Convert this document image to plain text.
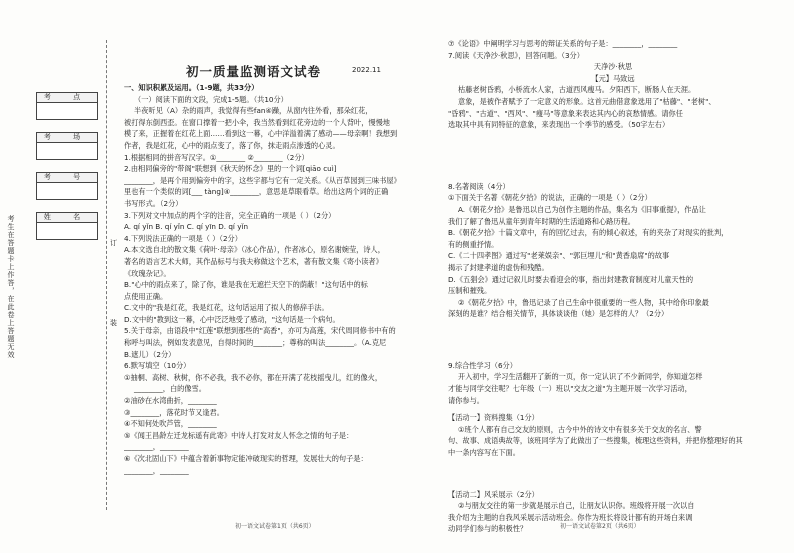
考 点
考 场
考 号
姓 名
考生在答题卡上作答，在此卷上答题无效	订
装
初一质量监测语文试卷	2022.11

一、知识积累及运用。（1-9题，共33分）

（一）阅读下面的文段，完成1-5题。（共10分）

半夜听见（A）杂的雨声，我觉得有些fan④躁，从窗内往外看，那朵红花，

被打得东倒西歪。在窗口撑着一把小伞，我当然看到红花旁边的一个人背叶，慢慢地

模了来，正握着在红花上面……看到这一幕，心中洋溢着满了感动——母亲啊！我想到

作者，我是红花，心中的雨点变了，落了你，抹走雨点渗透的心灵。

1.根据相同的拼音写汉字。①________ ②________（2分）

2.由相同偏旁的"带阁"联想到《秋天的怀念》里的一个词[qiāo cuì]

________，是再个用到偏旁中的字，这些字都与它有一定关系。《从百草园到三味书屋》

里也有一个类似的词[___ tàng]④________，意思是草眼看草。给出这两个词的正确

书写形式。（2分）

3.下列对文中加点的两个字的注音，完全正确的一项是（ ）（2分）

A. qí yǐn B. qí yǐn C. qí yīn D. qí yǐn

4.下列说法正确的一项是（ ）（2分）

A.本文选自北的散文集《荷叶·母亲》（冰心作品），作者冰心，原名谢婉莹，诗人，

著名的语言艺术大师，其作品标号与我夫称做这个艺术，著有散文集《寄小读者》

《玫瑰杂记》。

B."心中的雨点来了，除了你，谁是我在无遮拦天空下的荫蔽！"这句话中的标

点使用正确。

C.文中的"我是红花，我是红花，这句话运用了拟人的修辞手法。

D.文中的"教到这一幕，心中泛泛地受了感动，"这句话是一个病句。

5.关于母亲，由语段中"红莲"联想到那些的"高香"，亦可为高莲，宋代周同修书中有的

称呼与叫法，例如发表意见，自得时间的________；尊称的叫法________。（A.克尼

B.遮儿）（2分）

6.默写填空（10分）

①抽桐、高树、秋树，你不必我，我不必你，都在开满了花枝摇曳儿，红的像火，

________，白的像雪。

②油砂在水湾曲折，________

③________，落花时节又逢君。

④不知何处吹芦管，________

⑤《闻王昌龄左迁龙标遥有此寄》中诗人打发对友人怀念之情的句子是：

________，________

⑥《次北固山下》中蕴含着新事物定能冲破现实的哲理，发展壮大的句子是：

________，________

⑦《论语》中阐明学习与思考的辩证关系的句子是：________，________

7.阅读《天净沙·秋思》，回答问题。（3分）

天净沙·秋思

【元】马致远

枯藤老树昏鸦，小桥流水人家，古道西风瘦马。夕阳西下，断肠人在天涯。

意象，是被作者赋予了一定意义的形象。这首元曲借意象选用了"枯藤"、"老树"、

"昏鸦"、"古道"、"西风"、"瘦马"等意象来表达其内心的哀愁情感。请你任

选取其中具有同特征的意象，来表现出一个季节的感受。（50字左右）

8.名著阅读（4分）

①下面关于名著《朝花夕拾》的说法，正确的一项是（ ）（2分）

A.《朝花夕拾》是鲁迅以自己为创作主题的作品，集名为《旧事重提》，作品让

我们了解了鲁迅从童年到青年时期的生活道路和心路历程。

B.《朝花夕拾》十篇文章中，有的回忆过去，有的倾心叙述，有的夹杂了对现实的批判，

有的侧重抒情。

C.《二十四孝图》通过写"老莱娱亲"、"郭巨埋儿"和"黄香扇席"的故事

揭示了封建孝道的虚伪和残酷。

D.《五猖会》通过记叙儿时要去看迎会的事，指出封建教育制度对儿童天性的

压制和摧残。

②《朝花夕拾》中，鲁迅记录了自己生命中很重要的一些人物，其中给你印象最

深刻的是谁？结合相关情节，具体谈谈他（她）是怎样的人？（2分）

9.综合性学习（6分）

开入初中，学习生活翻开了新的一页，你一定认识了不少新同学，你知道怎样

才能与同学交往呢？七年级（一）班以"交友之道"为主题开展一次学习活动，

请你参与。

【活动一】资料搜集（1分）

①班个人都有自己交友的原则，古今中外的诗文中有很多关于交友的名言、警

句、故事、成语典故等，该班同学为了此做出了一些搜集，梳理这些资料，并把你整理好的其

中一条内容写在下面。

【活动二】风采展示（2分）

②与朋友交往的第一步就是展示自己，让朋友认识你。班级将开展一次以自

我介绍为主题的自我风采展示活动班会。你作为班长将设计都有的开场白来调

动同学们参与的积极性？

初一语文试卷第1页（共6页）	初一语文试卷第2页（共6页）
